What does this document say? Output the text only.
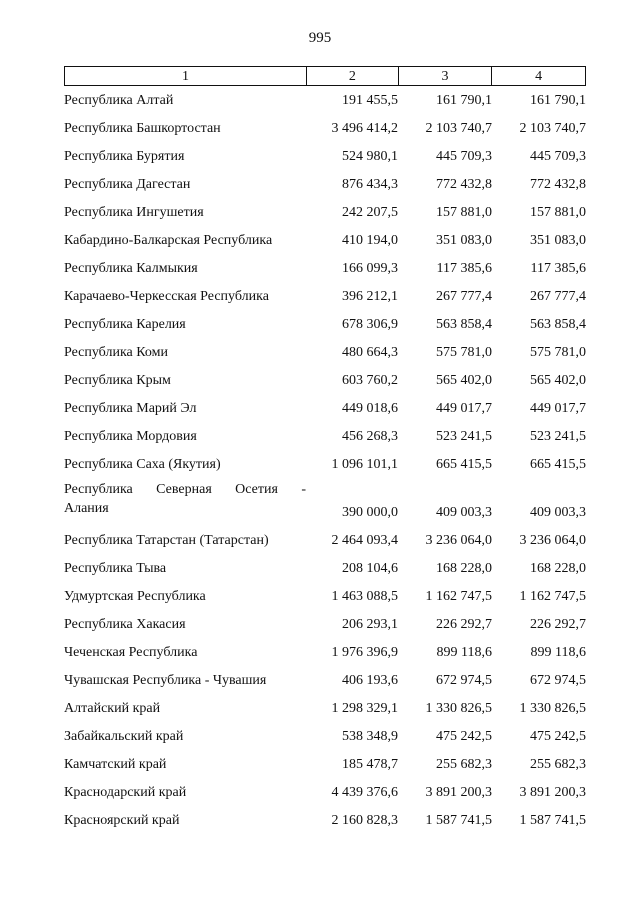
995
1	2	3	4
Республика Алтай	191 455,5	161 790,1	161 790,1
Республика Башкортостан	3 496 414,2	2 103 740,7	2 103 740,7
Республика Бурятия	524 980,1	445 709,3	445 709,3
Республика Дагестан	876 434,3	772 432,8	772 432,8
Республика Ингушетия	242 207,5	157 881,0	157 881,0
Кабардино-Балкарская Республика	410 194,0	351 083,0	351 083,0
Республика Калмыкия	166 099,3	117 385,6	117 385,6
Карачаево-Черкесская Республика	396 212,1	267 777,4	267 777,4
Республика Карелия	678 306,9	563 858,4	563 858,4
Республика Коми	480 664,3	575 781,0	575 781,0
Республика Крым	603 760,2	565 402,0	565 402,0
Республика Марий Эл	449 018,6	449 017,7	449 017,7
Республика Мордовия	456 268,3	523 241,5	523 241,5
Республика Саха (Якутия)	1 096 101,1	665 415,5	665 415,5
Республика Северная Осетия -
Алания	390 000,0	409 003,3	409 003,3
Республика Татарстан (Татарстан)	2 464 093,4	3 236 064,0	3 236 064,0
Республика Тыва	208 104,6	168 228,0	168 228,0
Удмуртская Республика	1 463 088,5	1 162 747,5	1 162 747,5
Республика Хакасия	206 293,1	226 292,7	226 292,7
Чеченская Республика	1 976 396,9	899 118,6	899 118,6
Чувашская Республика - Чувашия	406 193,6	672 974,5	672 974,5
Алтайский край	1 298 329,1	1 330 826,5	1 330 826,5
Забайкальский край	538 348,9	475 242,5	475 242,5
Камчатский край	185 478,7	255 682,3	255 682,3
Краснодарский край	4 439 376,6	3 891 200,3	3 891 200,3
Красноярский край	2 160 828,3	1 587 741,5	1 587 741,5
